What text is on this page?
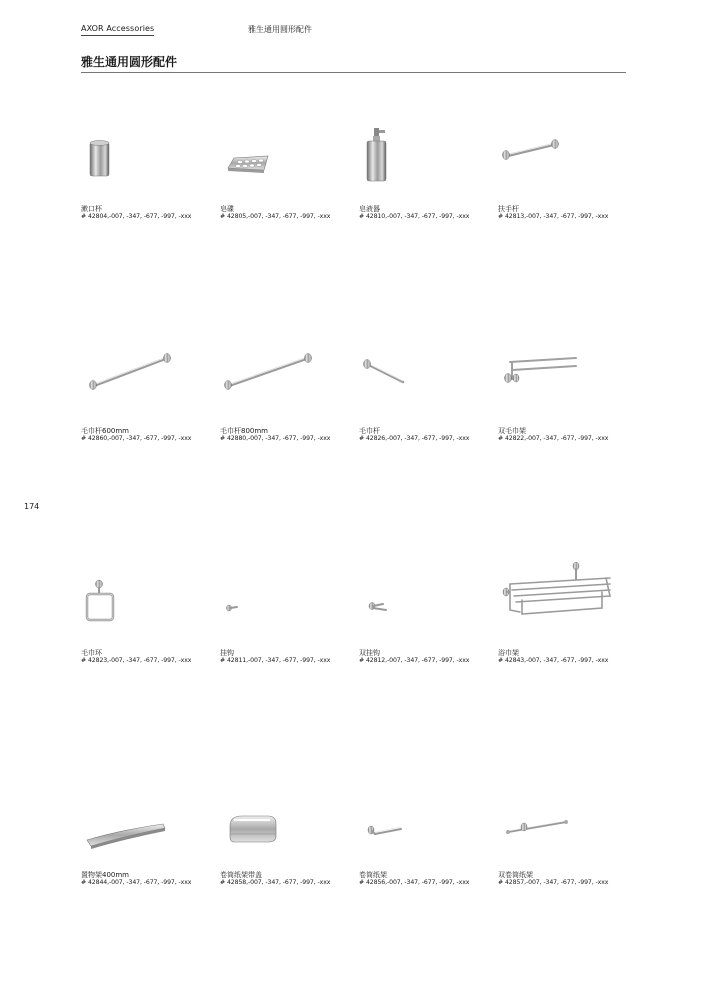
AXOR Accessories	雅生通用圆形配件
雅生通用圆形配件
174
漱口杯
# 42804,-007, -347, -677, -997, -xxx
皂碟
# 42805,-007, -347, -677, -997, -xxx
皂液器
# 42810,-007, -347, -677, -997, -xxx
扶手杆
# 42813,-007, -347, -677, -997, -xxx
毛巾杆600mm
# 42860,-007, -347, -677, -997, -xxx
毛巾杆800mm
# 42880,-007, -347, -677, -997, -xxx
毛巾杆
# 42826,-007, -347, -677, -997, -xxx
双毛巾架
# 42822,-007, -347, -677, -997, -xxx
毛巾环
# 42823,-007, -347, -677, -997, -xxx
挂钩
# 42811,-007, -347, -677, -997, -xxx
双挂钩
# 42812,-007, -347, -677, -997, -xxx
浴巾架
# 42843,-007, -347, -677, -997, -xxx
置物架400mm
# 42844,-007, -347, -677, -997, -xxx
卷筒纸架带盖
# 42858,-007, -347, -677, -997, -xxx
卷筒纸架
# 42856,-007, -347, -677, -997, -xxx
双卷筒纸架
# 42857,-007, -347, -677, -997, -xxx
